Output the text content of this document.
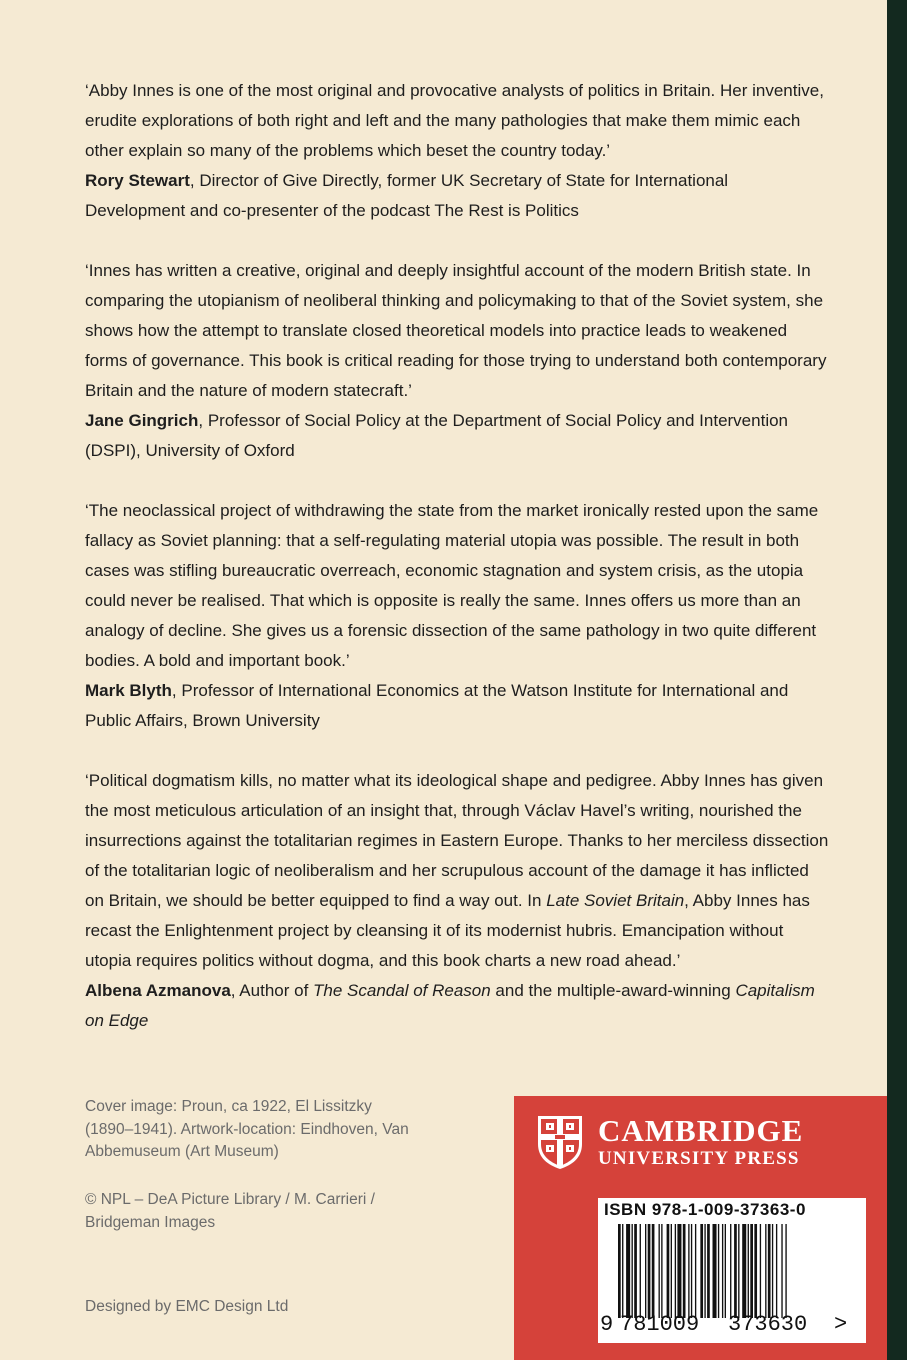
‘Abby Innes is one of the most original and provocative analysts of politics in Britain. Her inventive, erudite explorations of both right and left and the many pathologies that make them mimic each other explain so many of the problems which beset the country today.’

Rory Stewart, Director of Give Directly, former UK Secretary of State for International Development and co-presenter of the podcast The Rest is Politics

‘Innes has written a creative, original and deeply insightful account of the modern British state. In comparing the utopianism of neoliberal thinking and policymaking to that of the Soviet system, she shows how the attempt to translate closed theoretical models into practice leads to weakened forms of governance. This book is critical reading for those trying to understand both contemporary Britain and the nature of modern statecraft.’

Jane Gingrich, Professor of Social Policy at the Department of Social Policy and Intervention (DSPI), University of Oxford

‘The neoclassical project of withdrawing the state from the market ironically rested upon the same fallacy as Soviet planning: that a self-regulating material utopia was possible. The result in both cases was stifling bureaucratic overreach, economic stagnation and system crisis, as the utopia could never be realised. That which is opposite is really the same. Innes offers us more than an analogy of decline. She gives us a forensic dissection of the same pathology in two quite different bodies. A bold and important book.’

Mark Blyth, Professor of International Economics at the Watson Institute for International and Public Affairs, Brown University

‘Political dogmatism kills, no matter what its ideological shape and pedigree. Abby Innes has given the most meticulous articulation of an insight that, through Václav Havel’s writing, nourished the insurrections against the totalitarian regimes in Eastern Europe. Thanks to her merciless dissection of the totalitarian logic of neoliberalism and her scrupulous account of the damage it has inflicted on Britain, we should be better equipped to find a way out. In Late Soviet Britain, Abby Innes has recast the Enlightenment project by cleansing it of its modernist hubris. Emancipation without utopia requires politics without dogma, and this book charts a new road ahead.’

Albena Azmanova, Author of The Scandal of Reason and the multiple-award-winning Capitalism on Edge

Cover image: Proun, ca 1922, El Lissitzky (1890–1941). Artwork-location: Eindhoven, Van Abbemuseum (Art Museum)
© NPL – DeA Picture Library / M. Carrieri / Bridgeman Images
Designed by EMC Design Ltd
CAMBRIDGE
UNIVERSITY PRESS
ISBN 978-1-009-37363-0
9 781009 373630 >
